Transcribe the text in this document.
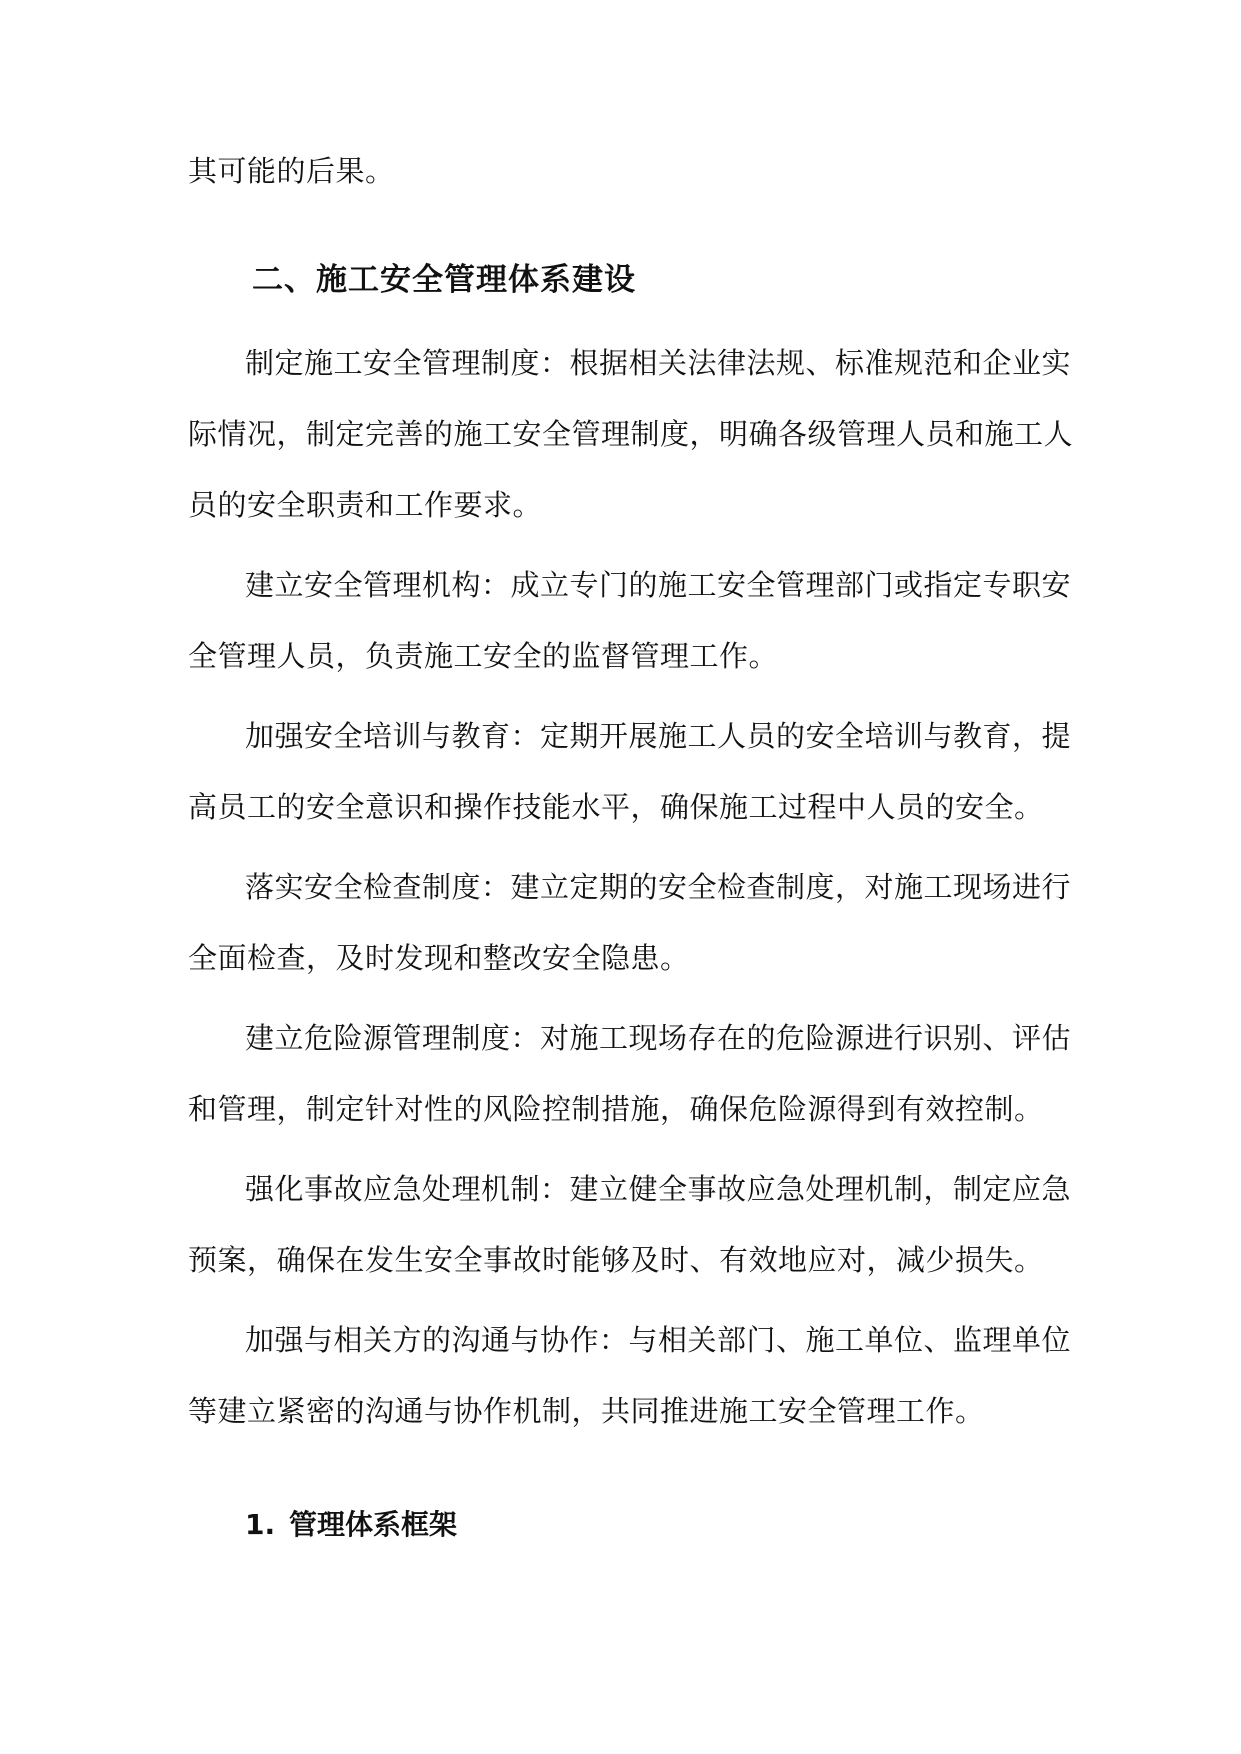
其可能的后果。
二、施工安全管理体系建设
制定施工安全管理制度：根据相关法律法规、标准规范和企业实
际情况，制定完善的施工安全管理制度，明确各级管理人员和施工人
员的安全职责和工作要求。
建立安全管理机构：成立专门的施工安全管理部门或指定专职安
全管理人员，负责施工安全的监督管理工作。
加强安全培训与教育：定期开展施工人员的安全培训与教育，提
高员工的安全意识和操作技能水平，确保施工过程中人员的安全。
落实安全检查制度：建立定期的安全检查制度，对施工现场进行
全面检查，及时发现和整改安全隐患。
建立危险源管理制度：对施工现场存在的危险源进行识别、评估
和管理，制定针对性的风险控制措施，确保危险源得到有效控制。
强化事故应急处理机制：建立健全事故应急处理机制，制定应急
预案，确保在发生安全事故时能够及时、有效地应对，减少损失。
加强与相关方的沟通与协作：与相关部门、施工单位、监理单位
等建立紧密的沟通与协作机制，共同推进施工安全管理工作。
1. 管理体系框架
